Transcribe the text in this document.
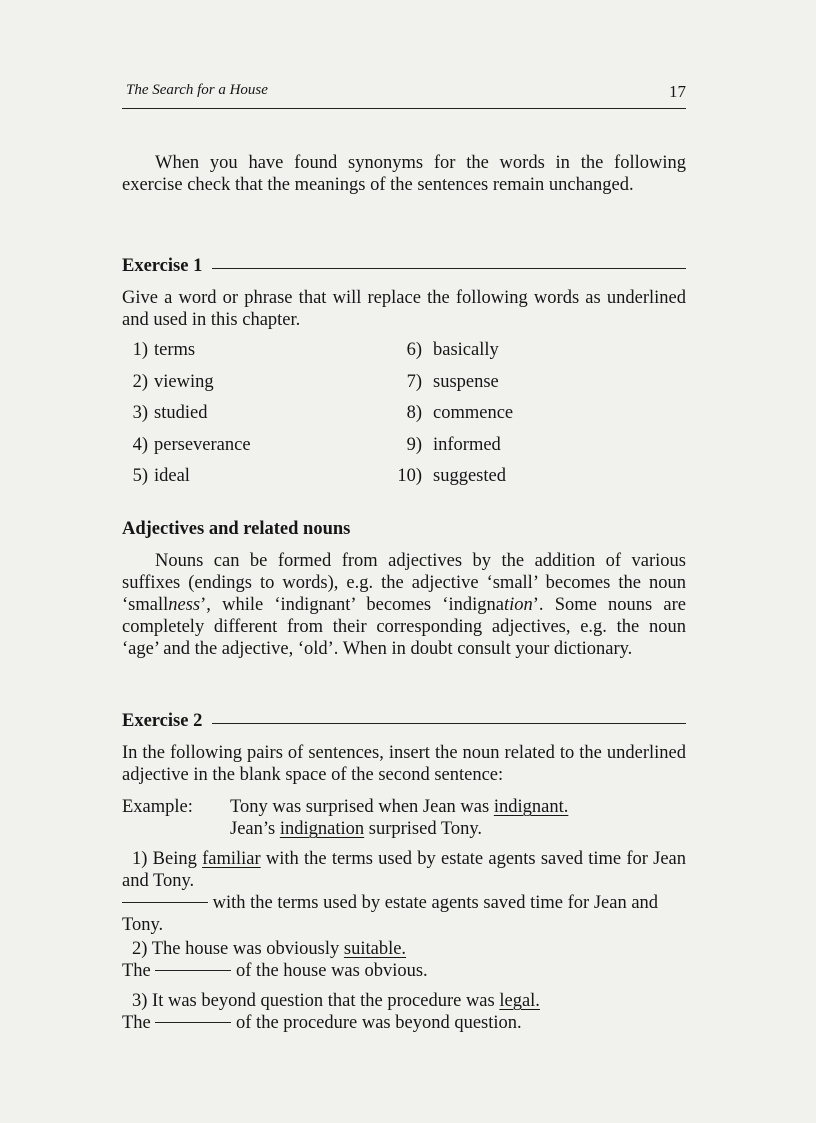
The Search for a House	17

When you have found synonyms for the words in the following exercise check that the meanings of the sentences remain unchanged.

Exercise 1

Give a word or phrase that will replace the following words as underlined and used in this chapter.

1) terms	6) basically
2) viewing	7) suspense
3) studied	8) commence
4) perseverance	9) informed
5) ideal	10) suggested

Adjectives and related nouns

Nouns can be formed from adjectives by the addition of various suffixes (endings to words), e.g. the adjective ‘small’ becomes the noun ‘smallness’, while ‘indignant’ becomes ‘indignation’. Some nouns are completely different from their corresponding adjectives, e.g. the noun ‘age’ and the adjective, ‘old’. When in doubt consult your dictionary.

Exercise 2

In the following pairs of sentences, insert the noun related to the underlined adjective in the blank space of the second sentence:

Example: Tony was surprised when Jean was indignant.
Jean’s indignation surprised Tony.

1) Being familiar with the terms used by estate agents saved time for Jean and Tony.

with the terms used by estate agents saved time for Jean and Tony.

2) The house was obviously suitable.

The	of the house was obvious.

3) It was beyond question that the procedure was legal.

The	of the procedure was beyond question.
